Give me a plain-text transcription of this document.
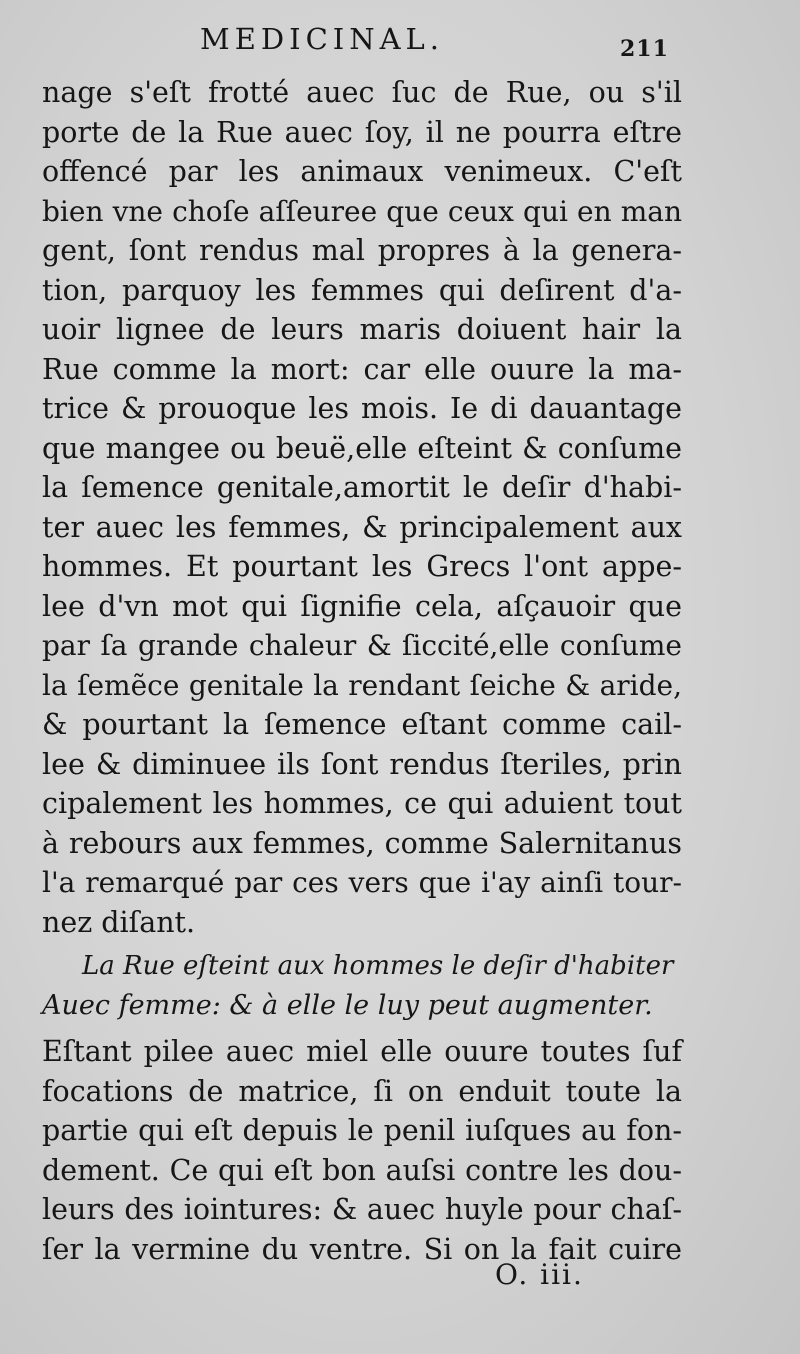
MEDICINAL.	211
nage s'eſt frotté auec ſuc de Rue, ou s'il
porte de la Rue auec ſoy, il ne pourra eſtre
offencé par les animaux venimeux. C'eſt
bien vne choſe aſſeuree que ceux qui en man
gent, ſont rendus mal propres à la genera-
tion, parquoy les femmes qui deſirent d'a-
uoir lignee de leurs maris doiuent hair la
Rue comme la mort: car elle ouure la ma-
trice & prouoque les mois. Ie di dauantage
que mangee ou beuë,elle eſteint & conſume
la ſemence genitale,amortit le deſir d'habi-
ter auec les femmes, & principalement aux
hommes. Et pourtant les Grecs l'ont appe-
lee d'vn mot qui ſignifie cela, aſçauoir que
par ſa grande chaleur & ſiccité,elle conſume
la ſemẽce genitale la rendant ſeiche & aride,
& pourtant la ſemence eſtant comme cail-
lee & diminuee ils ſont rendus ſteriles, prin
cipalement les hommes, ce qui aduient tout
à rebours aux femmes, comme Salernitanus
l'a remarqué par ces vers que i'ay ainſi tour-
nez diſant.
La Rue eſteint aux hommes le deſir d'habiter
Auec femme: & à elle le luy peut augmenter.
Eſtant pilee auec miel elle ouure toutes ſuf
focations de matrice, ſi on enduit toute la
partie qui eſt depuis le penil iuſques au fon-
dement. Ce qui eſt bon auſsi contre les dou-
leurs des iointures: & auec huyle pour chaſ-
ſer la vermine du ventre. Si on la fait cuire
O. iii.
